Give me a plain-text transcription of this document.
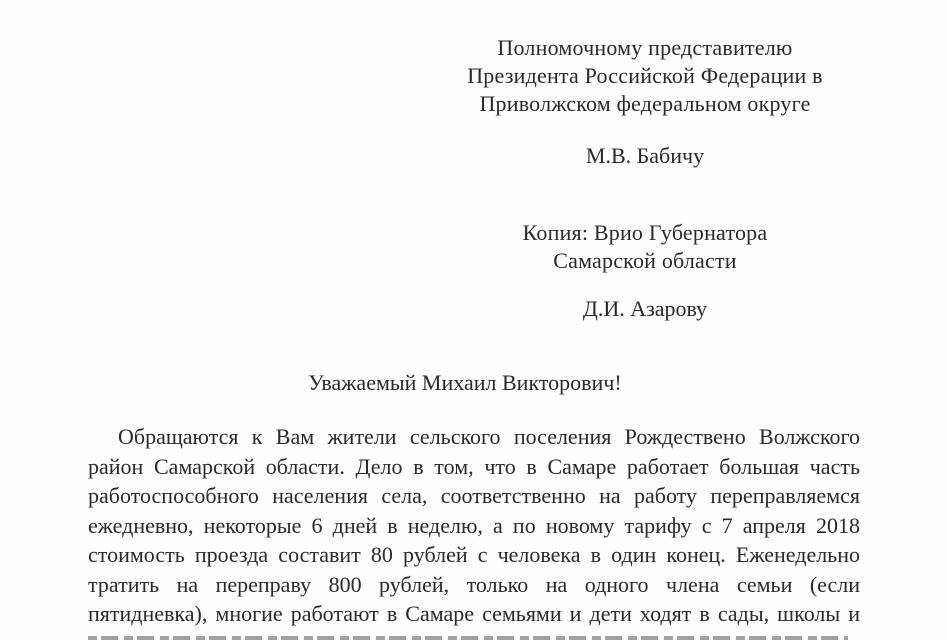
Полномочному представителю
Президента Российской Федерации в
Приволжском федеральном округе
М.В. Бабичу
Копия: Врио Губернатора
Самарской области
Д.И. Азарову
Уважаемый Михаил Викторович!
Обращаются к Вам жители сельского поселения Рождествено Волжского
район Самарской области. Дело в том, что в Самаре работает большая часть
работоспособного населения села, соответственно на работу переправляемся
ежедневно, некоторые 6 дней в неделю, а по новому тарифу с 7 апреля 2018
стоимость проезда составит 80 рублей с человека в один конец. Еженедельно
тратить на переправу 800 рублей, только на одного члена семьи (если
пятидневка), многие работают в Самаре семьями и дети ходят в сады, школы и
